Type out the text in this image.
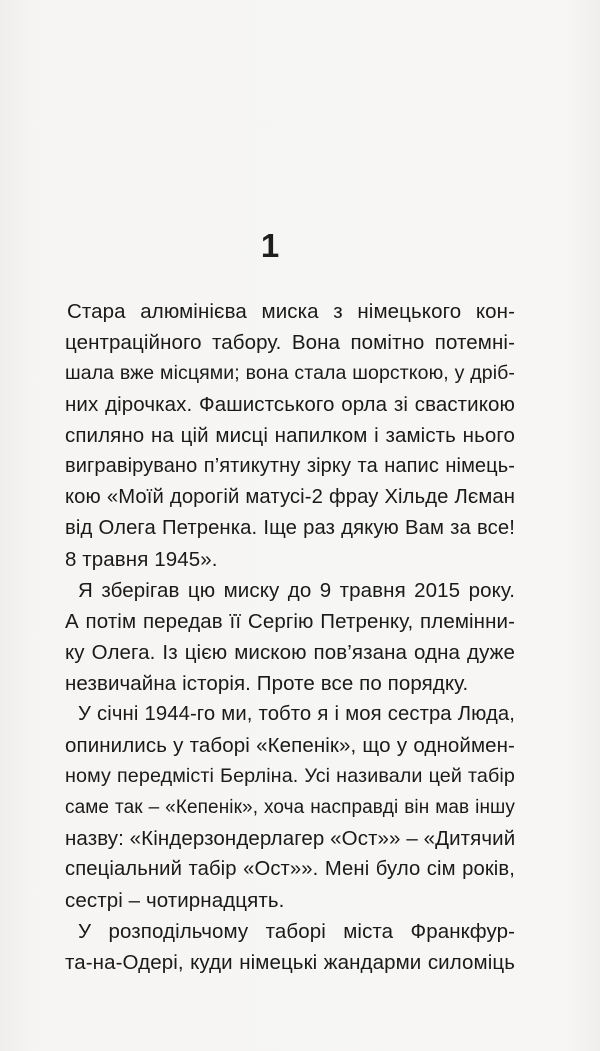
1
Стара алюмінієва миска з німецького кон-
центраційного табору. Вона помітно потемні-
шала вже місцями; вона стала шорсткою, у дріб-
них дірочках. Фашистського орла зі свастикою
спиляно на цій мисці напилком і замість нього
вигравірувано п’ятикутну зірку та напис німець-
кою «Моїй дорогій матусі-2 фрау Хільде Лєман
від Олега Петренка. Іще раз дякую Вам за все!
8 травня 1945».
Я зберігав цю миску до 9 травня 2015 року.
А потім передав її Сергію Петренку, племінни-
ку Олега. Із цією мискою пов’язана одна дуже
незвичайна історія. Проте все по порядку.
У січні 1944-го ми, тобто я і моя сестра Люда,
опинились у таборі «Кепенік», що у одноймен-
ному передмісті Берліна. Усі називали цей табір
саме так – «Кепенік», хоча насправді він мав іншу
назву: «Кіндерзондерлагер «Ост»» – «Дитячий
спеціальний табір «Ост»». Мені було сім років,
сестрі – чотирнадцять.
У розподільчому таборі міста Франкфур-
та-на-Одері, куди німецькі жандарми силоміць
